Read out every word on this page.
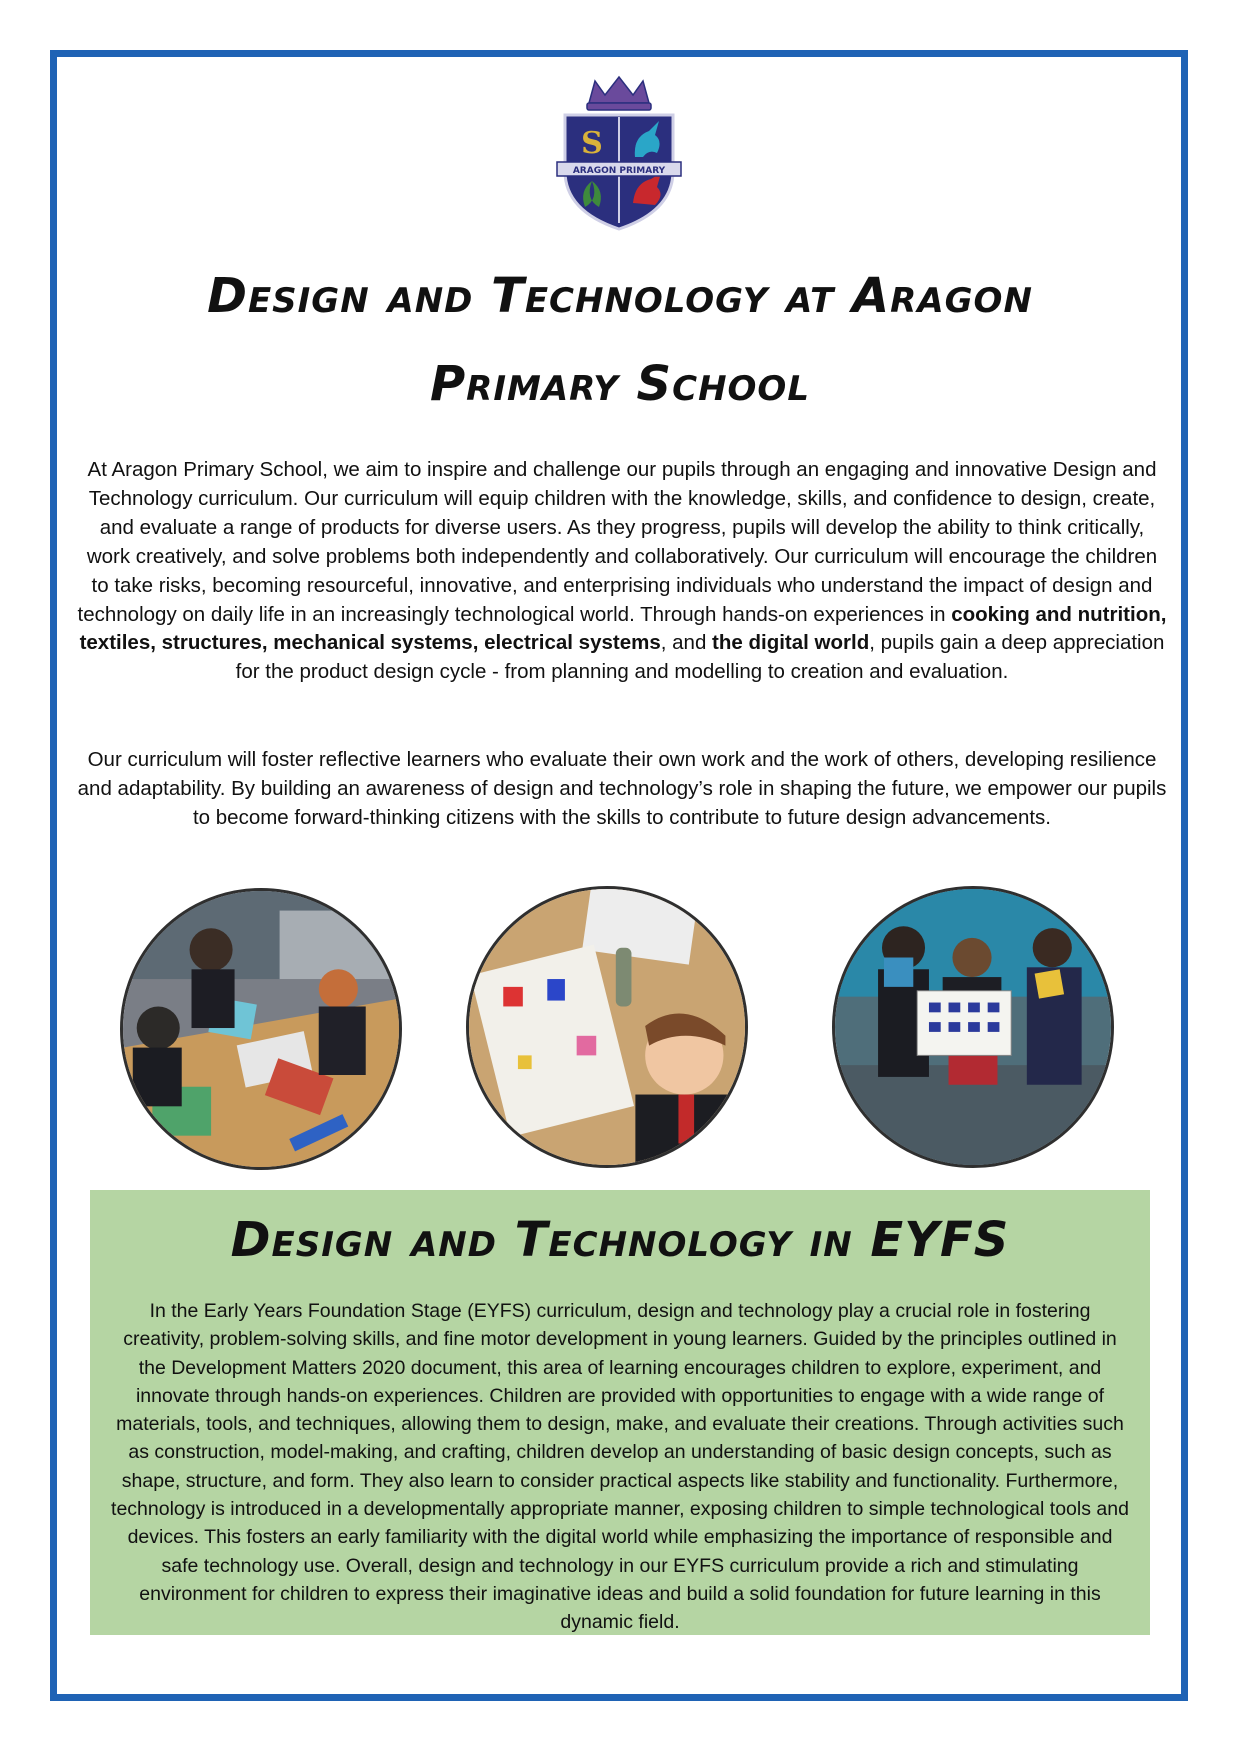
S
ARAGON PRIMARY
Design and Technology at Aragon
Primary School

At Aragon Primary School, we aim to inspire and challenge our pupils through an engaging and innovative Design and Technology curriculum. Our curriculum will equip children with the knowledge, skills, and confidence to design, create, and evaluate a range of products for diverse users. As they progress, pupils will develop the ability to think critically, work creatively, and solve problems both independently and collaboratively. Our curriculum will encourage the children to take risks, becoming resourceful, innovative, and enterprising individuals who understand the impact of design and technology on daily life in an increasingly technological world. Through hands-on experiences in cooking and nutrition, textiles, structures, mechanical systems, electrical systems, and the digital world, pupils gain a deep appreciation for the product design cycle - from planning and modelling to creation and evaluation.

Our curriculum will foster reflective learners who evaluate their own work and the work of others, developing resilience and adaptability. By building an awareness of design and technology’s role in shaping the future, we empower our pupils to become forward-thinking citizens with the skills to contribute to future design advancements.

Design and Technology in EYFS

In the Early Years Foundation Stage (EYFS) curriculum, design and technology play a crucial role in fostering creativity, problem-solving skills, and fine motor development in young learners. Guided by the principles outlined in the Development Matters 2020 document, this area of learning encourages children to explore, experiment, and innovate through hands-on experiences. Children are provided with opportunities to engage with a wide range of materials, tools, and techniques, allowing them to design, make, and evaluate their creations. Through activities such as construction, model-making, and crafting, children develop an understanding of basic design concepts, such as shape, structure, and form. They also learn to consider practical aspects like stability and functionality. Furthermore, technology is introduced in a developmentally appropriate manner, exposing children to simple technological tools and devices. This fosters an early familiarity with the digital world while emphasizing the importance of responsible and safe technology use. Overall, design and technology in our EYFS curriculum provide a rich and stimulating environment for children to express their imaginative ideas and build a solid foundation for future learning in this dynamic field.
